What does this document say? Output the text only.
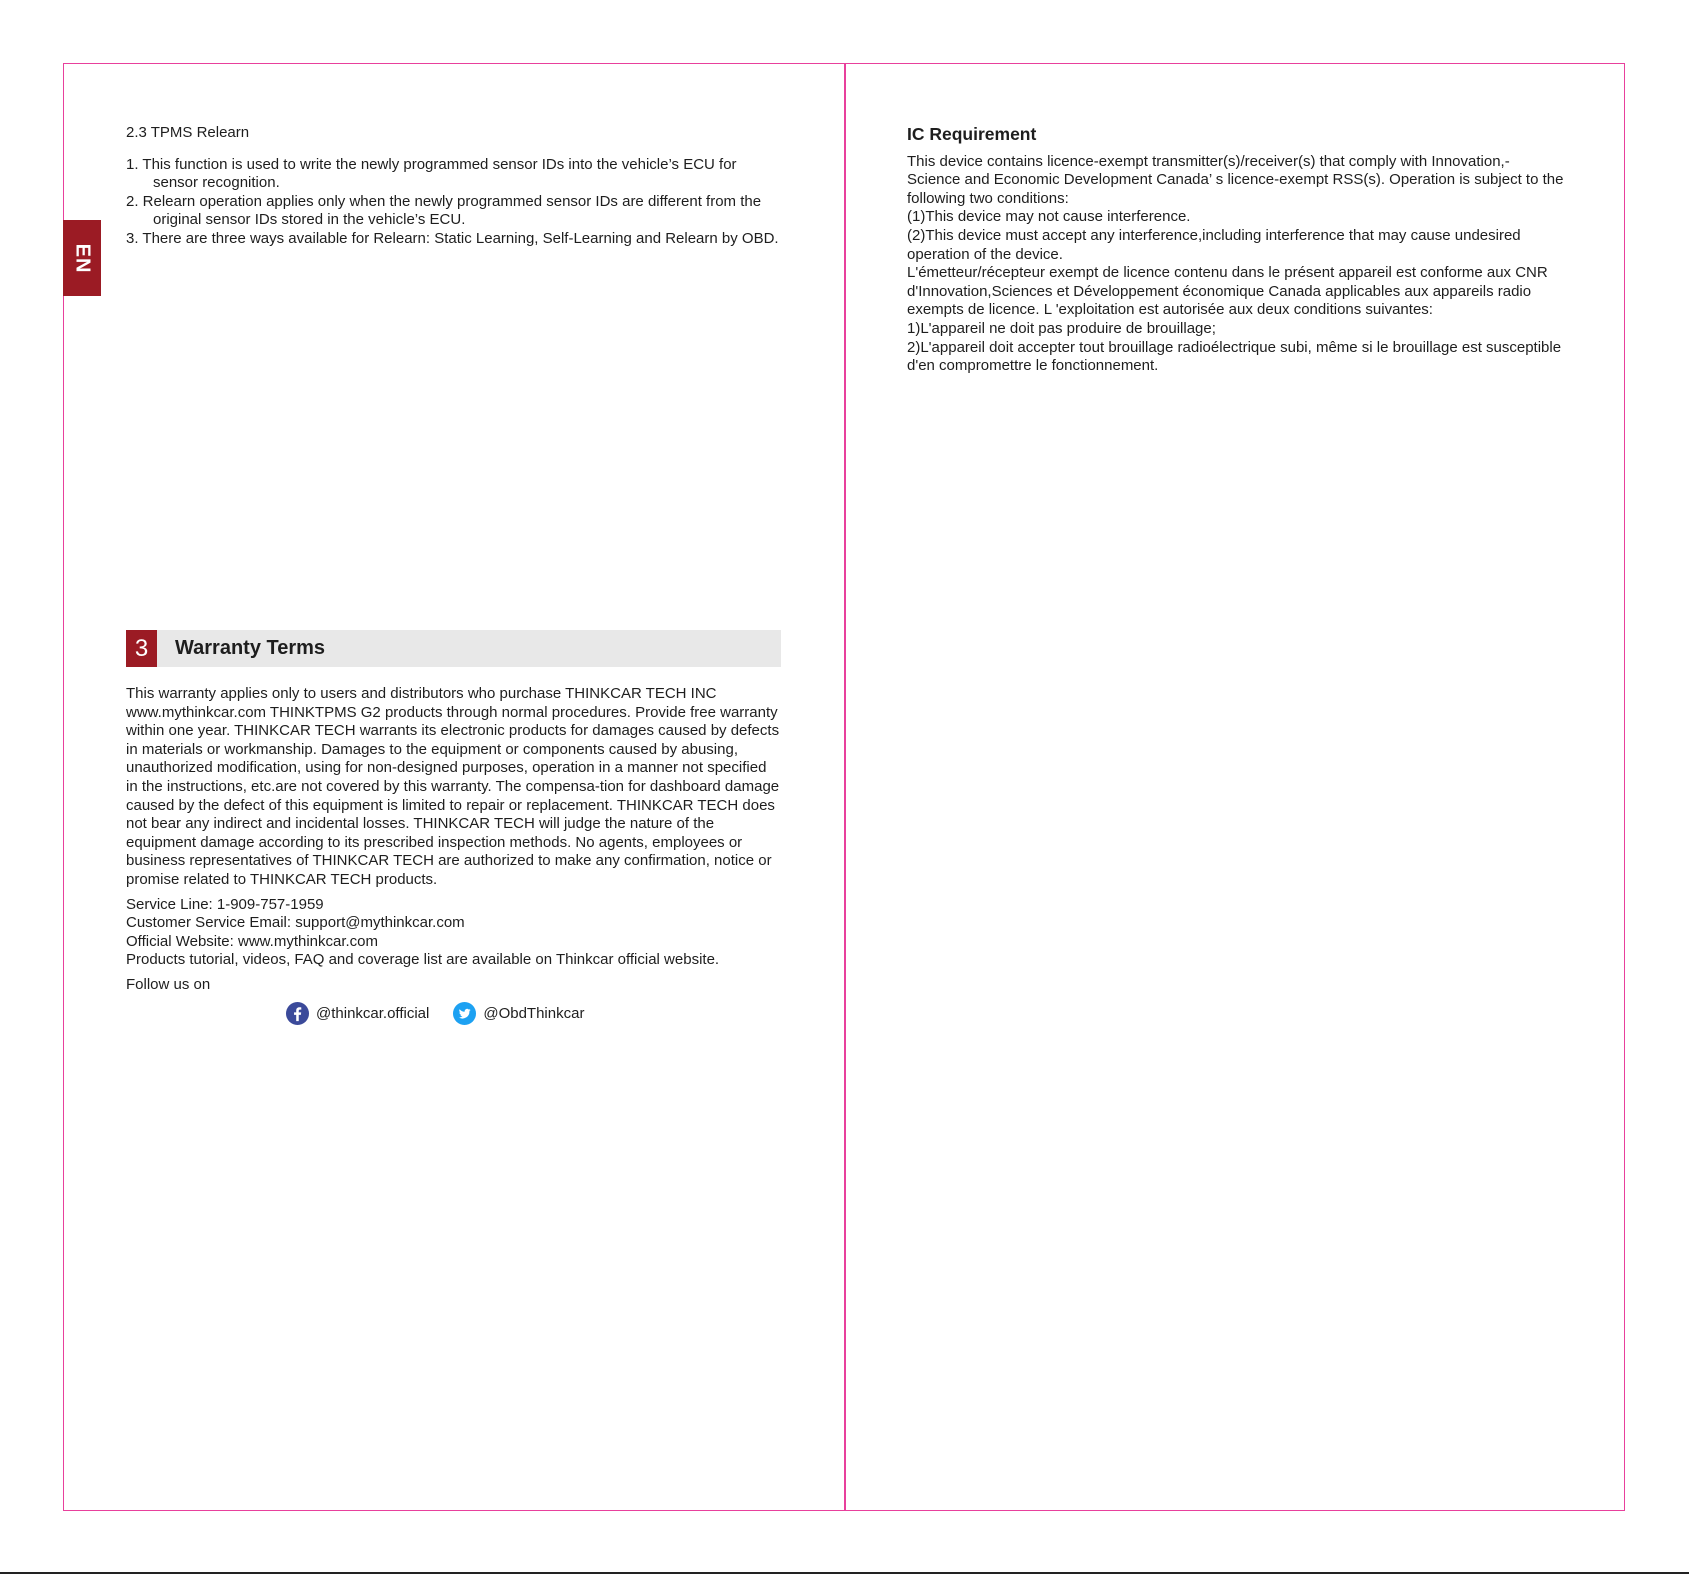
EN

2.3 TPMS Relearn

1. This function is used to write the newly programmed sensor IDs into the vehicle’s ECU for sensor recognition.
2. Relearn operation applies only when the newly programmed sensor IDs are different from the original sensor IDs stored in the vehicle’s ECU.
3. There are three ways available for Relearn: Static Learning, Self-Learning and Relearn by OBD.
3	Warranty Terms

This warranty applies only to users and distributors who purchase THINKCAR TECH INC www.mythinkcar.com THINKTPMS G2 products through normal procedures. Provide free warranty within one year. THINKCAR TECH warrants its electronic products for damages caused by defects in materials or workmanship. Damages to the equipment or components caused by abusing, unauthorized modification, using for non-designed purposes, operation in a manner not specified in the instructions, etc.are not covered by this warranty. The compensa-tion for dashboard damage caused by the defect of this equipment is limited to repair or replacement. THINKCAR TECH does not bear any indirect and incidental losses. THINKCAR TECH will judge the nature of the equipment damage according to its prescribed inspection methods. No agents, employees or business representatives of THINKCAR TECH are authorized to make any confirmation, notice or promise related to THINKCAR TECH products.

Service Line: 1-909-757-1959

Customer Service Email: support@mythinkcar.com

Official Website: www.mythinkcar.com

Products tutorial, videos, FAQ and coverage list are available on Thinkcar official website.

Follow us on

@thinkcar.official	@ObdThinkcar

IC Requirement

This device contains licence-exempt transmitter(s)/receiver(s) that comply with Innovation,- Science and Economic Development Canada’ s licence-exempt RSS(s). Operation is subject to the following two conditions:

(1)This device may not cause interference.

(2)This device must accept any interference,including interference that may cause undesired operation of the device.

L'émetteur/récepteur exempt de licence contenu dans le présent appareil est conforme aux CNR d'Innovation,Sciences et Développement économique Canada applicables aux appareils radio exempts de licence. L 'exploitation est autorisée aux deux conditions suivantes:

1)L'appareil ne doit pas produire de brouillage;

2)L'appareil doit accepter tout brouillage radioélectrique subi, même si le brouillage est susceptible d'en compromettre le fonctionnement.
